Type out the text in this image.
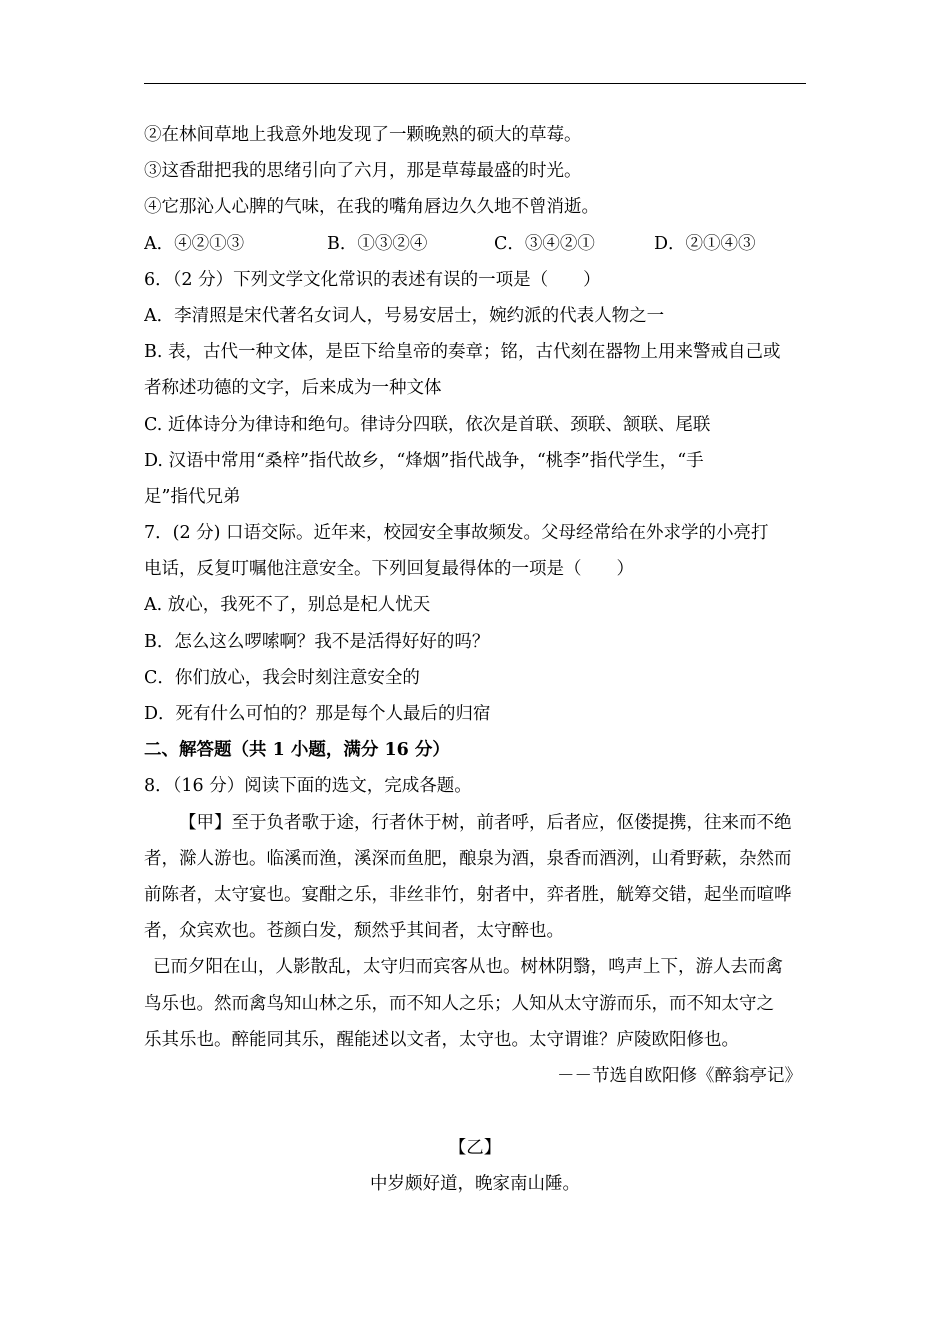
②在林间草地上我意外地发现了一颗晚熟的硕大的草莓。
③这香甜把我的思绪引向了六月，那是草莓最盛的时光。
④它那沁人心脾的气味，在我的嘴角唇边久久地不曾消逝。
A．④②①③	B．①③②④	C．③④②①	D．②①④③
6．（2 分）下列文学文化常识的表述有误的一项是（　　）
A．李清照是宋代著名女词人，号易安居士，婉约派的代表人物之一
B. 表，古代一种文体，是臣下给皇帝的奏章；铭，古代刻在器物上用来警戒自己或
者称述功德的文字，后来成为一种文体
C. 近体诗分为律诗和绝句。律诗分四联，依次是首联、颈联、颔联、尾联
D. 汉语中常用“桑梓”指代故乡，“烽烟”指代战争，“桃李”指代学生，“手
足”指代兄弟
7．(2 分) 口语交际。近年来，校园安全事故频发。父母经常给在外求学的小亮打
电话，反复叮嘱他注意安全。下列回复最得体的一项是（　　）
A. 放心，我死不了，别总是杞人忧天
B．怎么这么啰嗦啊？我不是活得好好的吗？
C．你们放心，我会时刻注意安全的
D．死有什么可怕的？那是每个人最后的归宿
二、解答题（共 1 小题，满分 16 分）
8．（16 分）阅读下面的选文，完成各题。
【甲】至于负者歌于途，行者休于树，前者呼，后者应，伛偻提携，往来而不绝
者，滁人游也。临溪而渔，溪深而鱼肥，酿泉为酒，泉香而酒洌，山肴野蔌，杂然而
前陈者，太守宴也。宴酣之乐，非丝非竹，射者中，弈者胜，觥筹交错，起坐而喧哗
者，众宾欢也。苍颜白发，颓然乎其间者，太守醉也。
已而夕阳在山，人影散乱，太守归而宾客从也。树林阴翳，鸣声上下，游人去而禽
鸟乐也。然而禽鸟知山林之乐，而不知人之乐；人知从太守游而乐，而不知太守之
乐其乐也。醉能同其乐，醒能述以文者，太守也。太守谓谁？庐陵欧阳修也。
－－节选自欧阳修《醉翁亭记》
【乙】
中岁颇好道，晚家南山陲。
